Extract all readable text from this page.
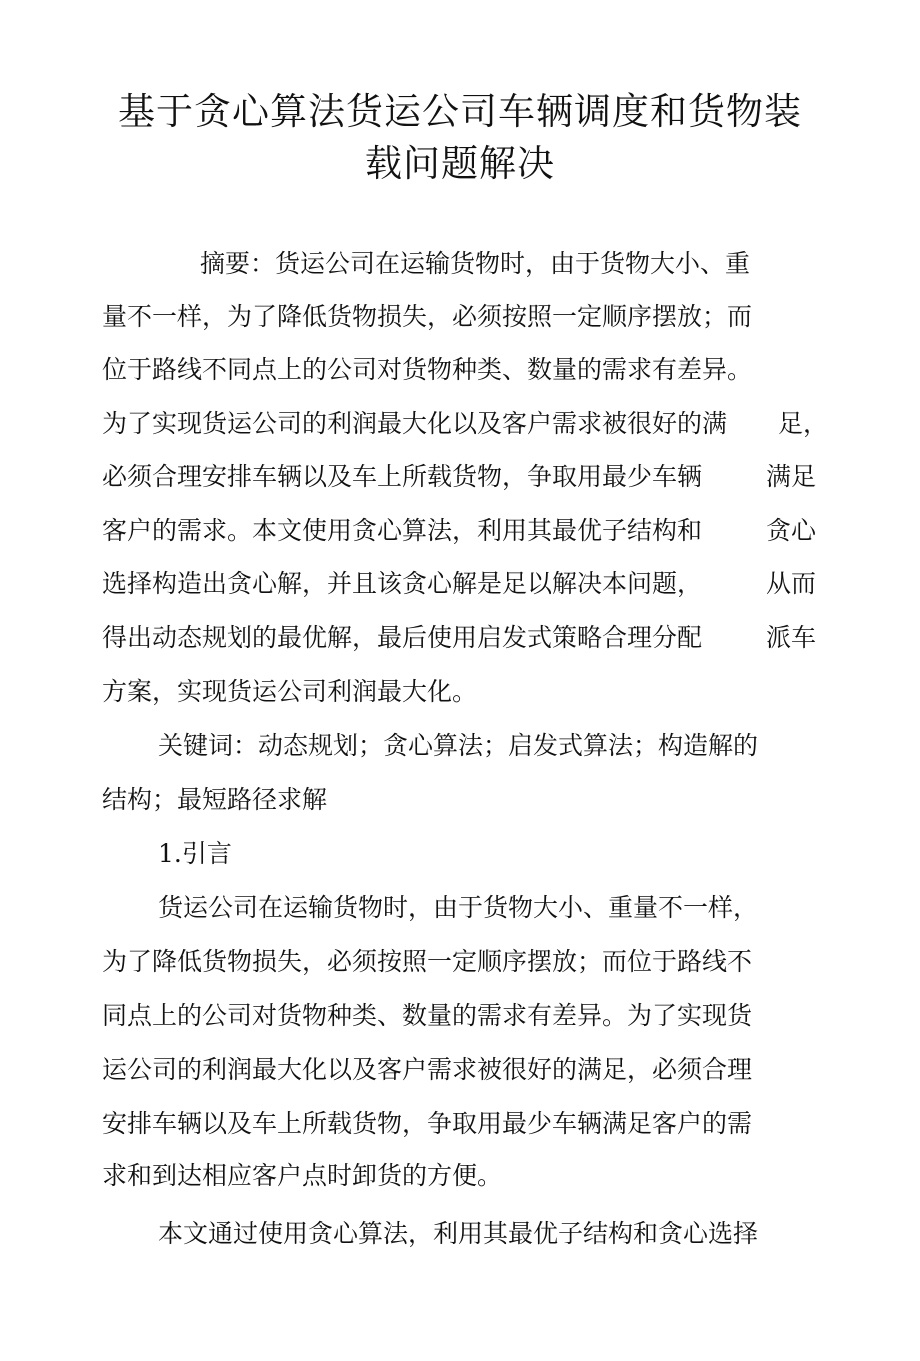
基于贪心算法货运公司车辆调度和货物装
载问题解决
摘要：货运公司在运输货物时，由于货物大小、重
量不一样，为了降低货物损失，必须按照一定顺序摆放；而
位于路线不同点上的公司对货物种类、数量的需求有差异。
为了实现货运公司的利润最大化以及客户需求被很好的满 足，
必须合理安排车辆以及车上所载货物，争取用最少车辆	满足
客户的需求。本文使用贪心算法，利用其最优子结构和	贪心
选择构造出贪心解，并且该贪心解是足以解决本问题，	从而
得出动态规划的最优解，最后使用启发式策略合理分配	派车
方案，实现货运公司利润最大化。
关键词：动态规划；贪心算法；启发式算法；构造解的
结构；最短路径求解
1.引言
货运公司在运输货物时，由于货物大小、重量不一样，
为了降低货物损失，必须按照一定顺序摆放；而位于路线不
同点上的公司对货物种类、数量的需求有差异。为了实现货
运公司的利润最大化以及客户需求被很好的满足，必须合理
安排车辆以及车上所载货物，争取用最少车辆满足客户的需
求和到达相应客户点时卸货的方便。
本文通过使用贪心算法，利用其最优子结构和贪心选择
